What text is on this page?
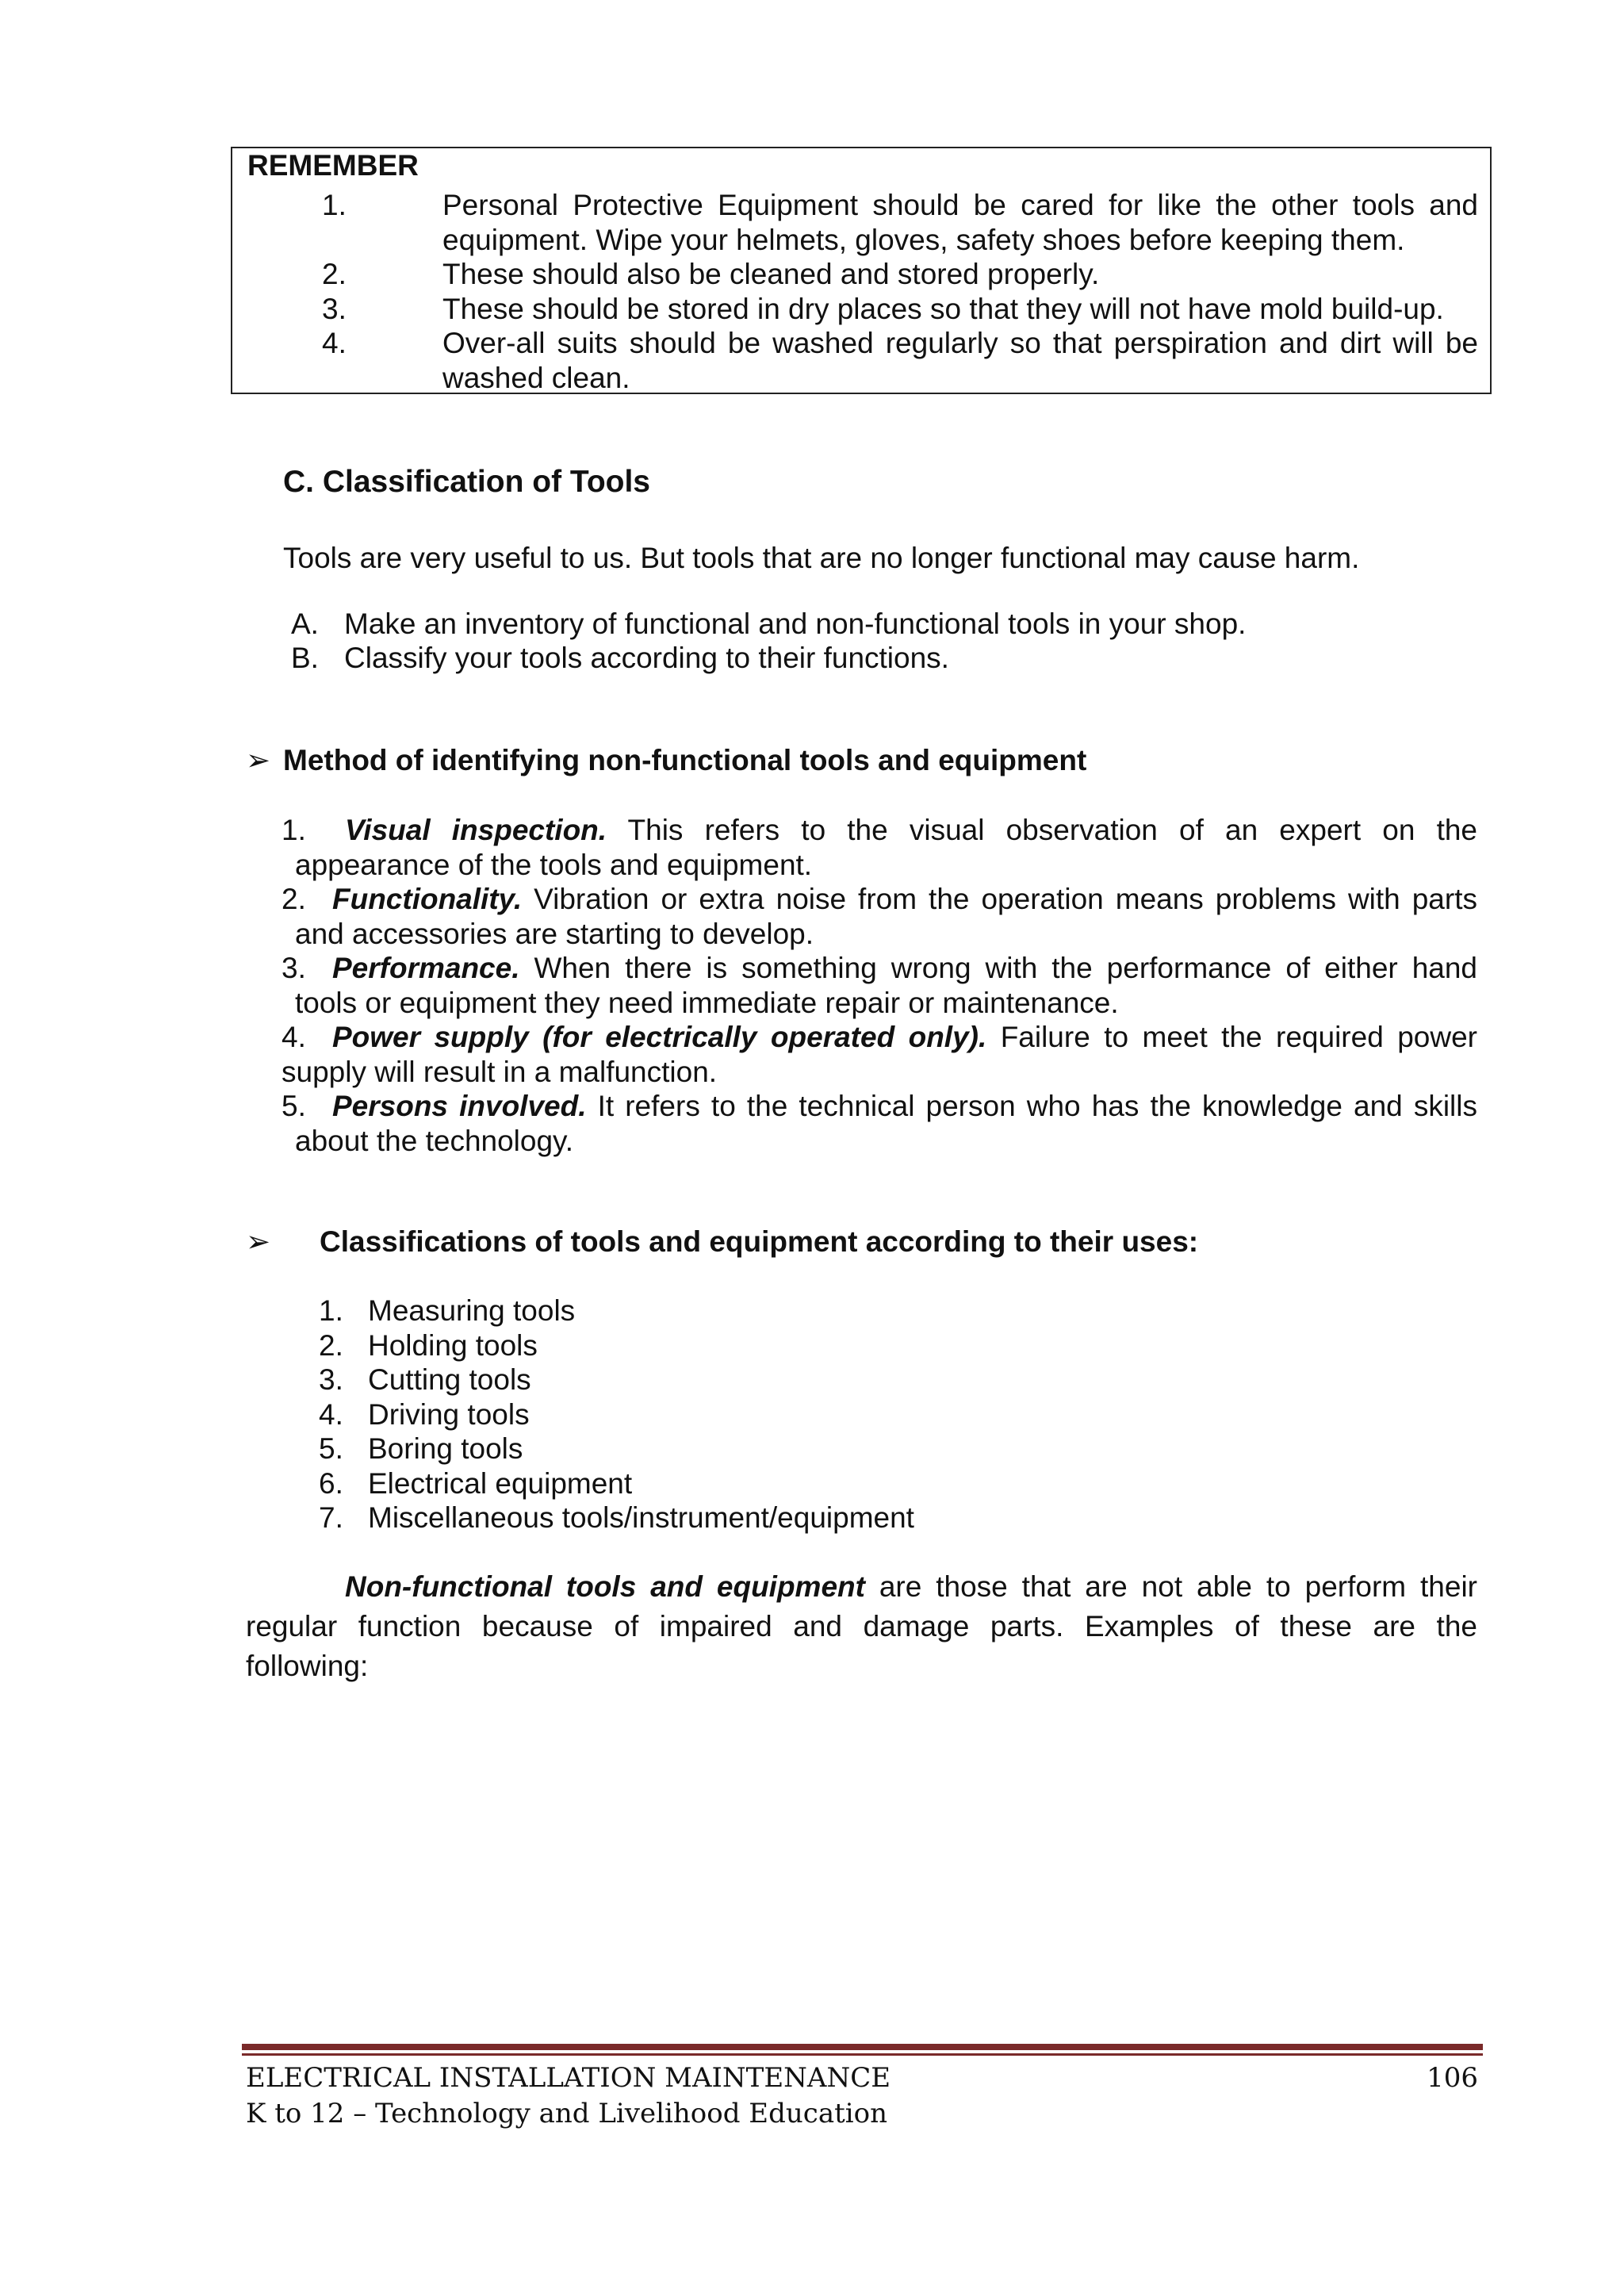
REMEMBER
1.	Personal Protective Equipment should be cared for like the other tools and
equipment. Wipe your helmets, gloves, safety shoes before keeping them.
2.	These should also be cleaned and stored properly.
3.	These should be stored in dry places so that they will not have mold build-up.
4.	Over-all suits should be washed regularly so that perspiration and dirt will be
washed clean.
C. Classification of Tools
Tools are very useful to us. But tools that are no longer functional may cause harm.
A. Make an inventory of functional and non-functional tools in your shop.
B. Classify your tools according to their functions.
➢ Method of identifying non-functional tools and equipment
1. Visual inspection. This refers to the visual observation of an expert on the
appearance of the tools and equipment.
2. Functionality. Vibration or extra noise from the operation means problems with parts
and accessories are starting to develop.
3. Performance. When there is something wrong with the performance of either hand
tools or equipment they need immediate repair or maintenance.
4. Power supply (for electrically operated only). Failure to meet the required power
supply will result in a malfunction.
5. Persons involved. It refers to the technical person who has the knowledge and skills
about the technology.
➢ Classifications of tools and equipment according to their uses:
1. Measuring tools
2. Holding tools
3. Cutting tools
4. Driving tools
5. Boring tools
6. Electrical equipment
7. Miscellaneous tools/instrument/equipment
Non-functional tools and equipment are those that are not able to perform their
regular function because of impaired and damage parts. Examples of these are the
following:
ELECTRICAL INSTALLATION MAINTENANCE	106
K to 12 – Technology and Livelihood Education
